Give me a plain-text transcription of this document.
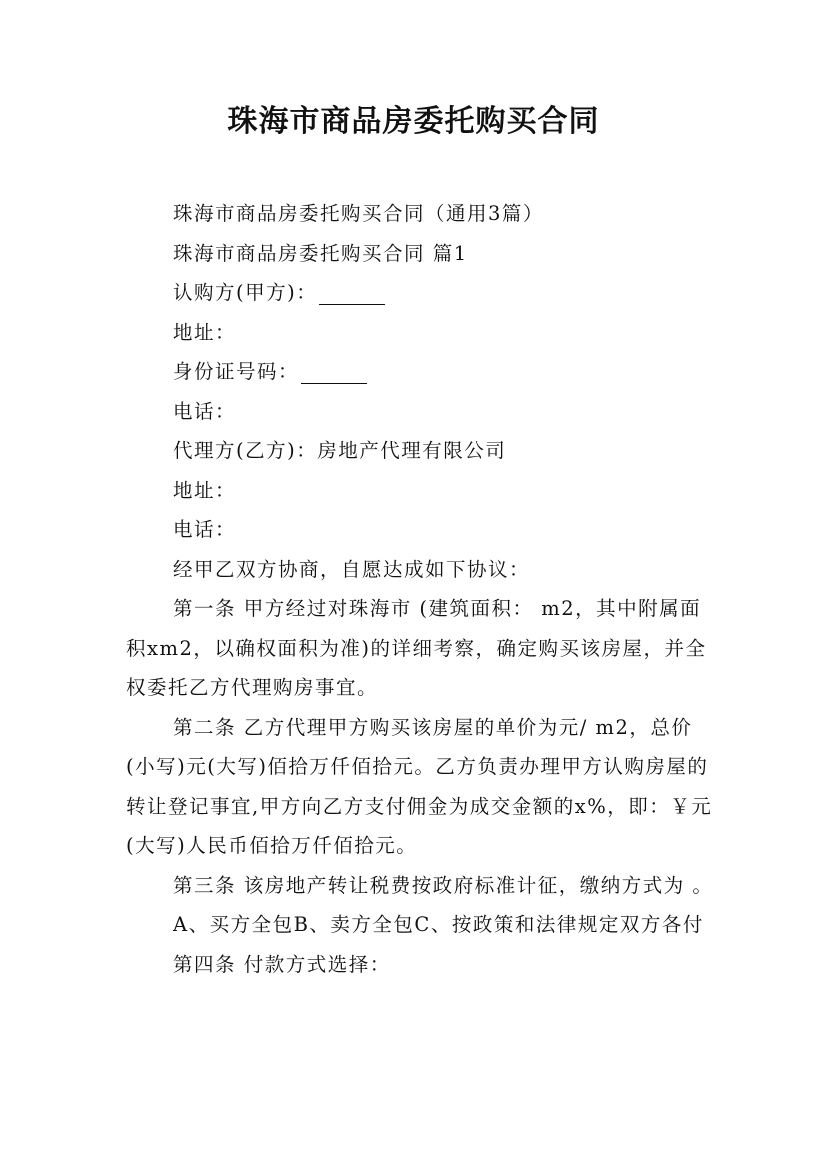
珠海市商品房委托购买合同

珠海市商品房委托购买合同（通用3篇）

珠海市商品房委托购买合同 篇1

认购方(甲方)：

地址：

身份证号码：

电话：

代理方(乙方)：房地产代理有限公司

地址：

电话：

经甲乙双方协商，自愿达成如下协议：

第一条 甲方经过对珠海市 (建筑面积： m2，其中附属面积xm2，以确权面积为准)的详细考察，确定购买该房屋，并全权委托乙方代理购房事宜。

第二条 乙方代理甲方购买该房屋的单价为元/ m2，总价(小写)元(大写)佰拾万仟佰拾元。乙方负责办理甲方认购房屋的转让登记事宜,甲方向乙方支付佣金为成交金额的x%，即：￥元(大写)人民币佰拾万仟佰拾元。

第三条 该房地产转让税费按政府标准计征，缴纳方式为 。

A、买方全包B、卖方全包C、按政策和法律规定双方各付

第四条 付款方式选择：
